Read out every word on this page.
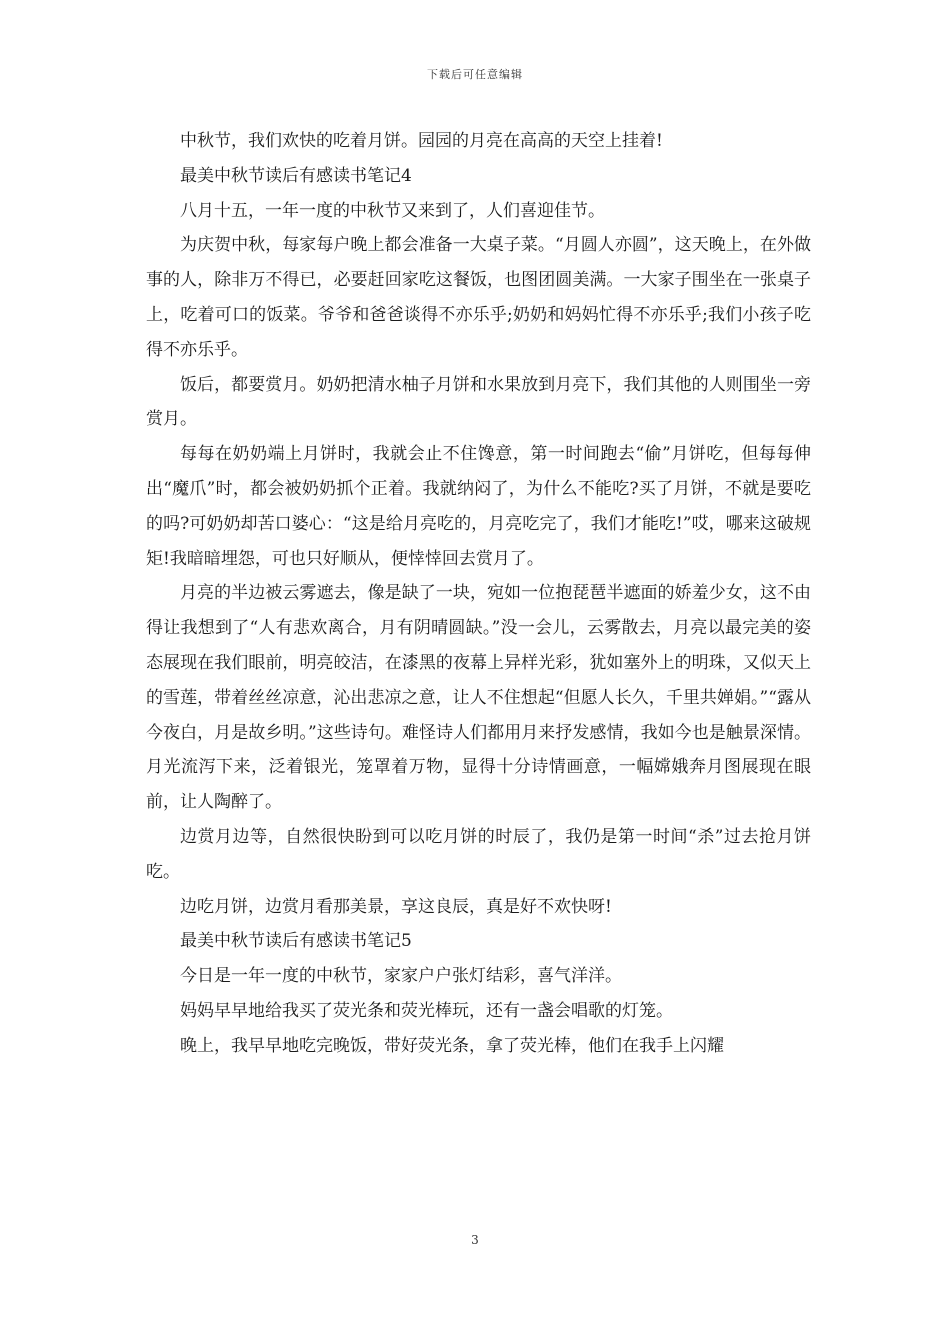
下载后可任意编辑

中秋节，我们欢快的吃着月饼。园园的月亮在高高的天空上挂着!

最美中秋节读后有感读书笔记4

八月十五，一年一度的中秋节又来到了，人们喜迎佳节。

为庆贺中秋，每家每户晚上都会准备一大桌子菜。“月圆人亦圆”，这天晚上，在外做事的人，除非万不得已，必要赶回家吃这餐饭，也图团圆美满。一大家子围坐在一张桌子上，吃着可口的饭菜。爷爷和爸爸谈得不亦乐乎;奶奶和妈妈忙得不亦乐乎;我们小孩子吃得不亦乐乎。

饭后，都要赏月。奶奶把清水柚子月饼和水果放到月亮下，我们其他的人则围坐一旁赏月。

每每在奶奶端上月饼时，我就会止不住馋意，第一时间跑去“偷”月饼吃，但每每伸出“魔爪”时，都会被奶奶抓个正着。我就纳闷了，为什么不能吃?买了月饼，不就是要吃的吗?可奶奶却苦口婆心：“这是给月亮吃的，月亮吃完了，我们才能吃!”哎，哪来这破规矩!我暗暗埋怨，可也只好顺从，便悻悻回去赏月了。

月亮的半边被云雾遮去，像是缺了一块，宛如一位抱琵琶半遮面的娇羞少女，这不由得让我想到了“人有悲欢离合，月有阴晴圆缺。”没一会儿，云雾散去，月亮以最完美的姿态展现在我们眼前，明亮皎洁，在漆黑的夜幕上异样光彩，犹如塞外上的明珠，又似天上的雪莲，带着丝丝凉意，沁出悲凉之意，让人不住想起“但愿人长久，千里共婵娟。”“露从今夜白，月是故乡明。”这些诗句。难怪诗人们都用月来抒发感情，我如今也是触景深情。月光流泻下来，泛着银光，笼罩着万物，显得十分诗情画意，一幅嫦娥奔月图展现在眼前，让人陶醉了。

边赏月边等，自然很快盼到可以吃月饼的时辰了，我仍是第一时间“杀”过去抢月饼吃。

边吃月饼，边赏月看那美景，享这良辰，真是好不欢快呀!

最美中秋节读后有感读书笔记5

今日是一年一度的中秋节，家家户户张灯结彩，喜气洋洋。

妈妈早早地给我买了荧光条和荧光棒玩，还有一盏会唱歌的灯笼。

晚上，我早早地吃完晚饭，带好荧光条，拿了荧光棒，他们在我手上闪耀

3
